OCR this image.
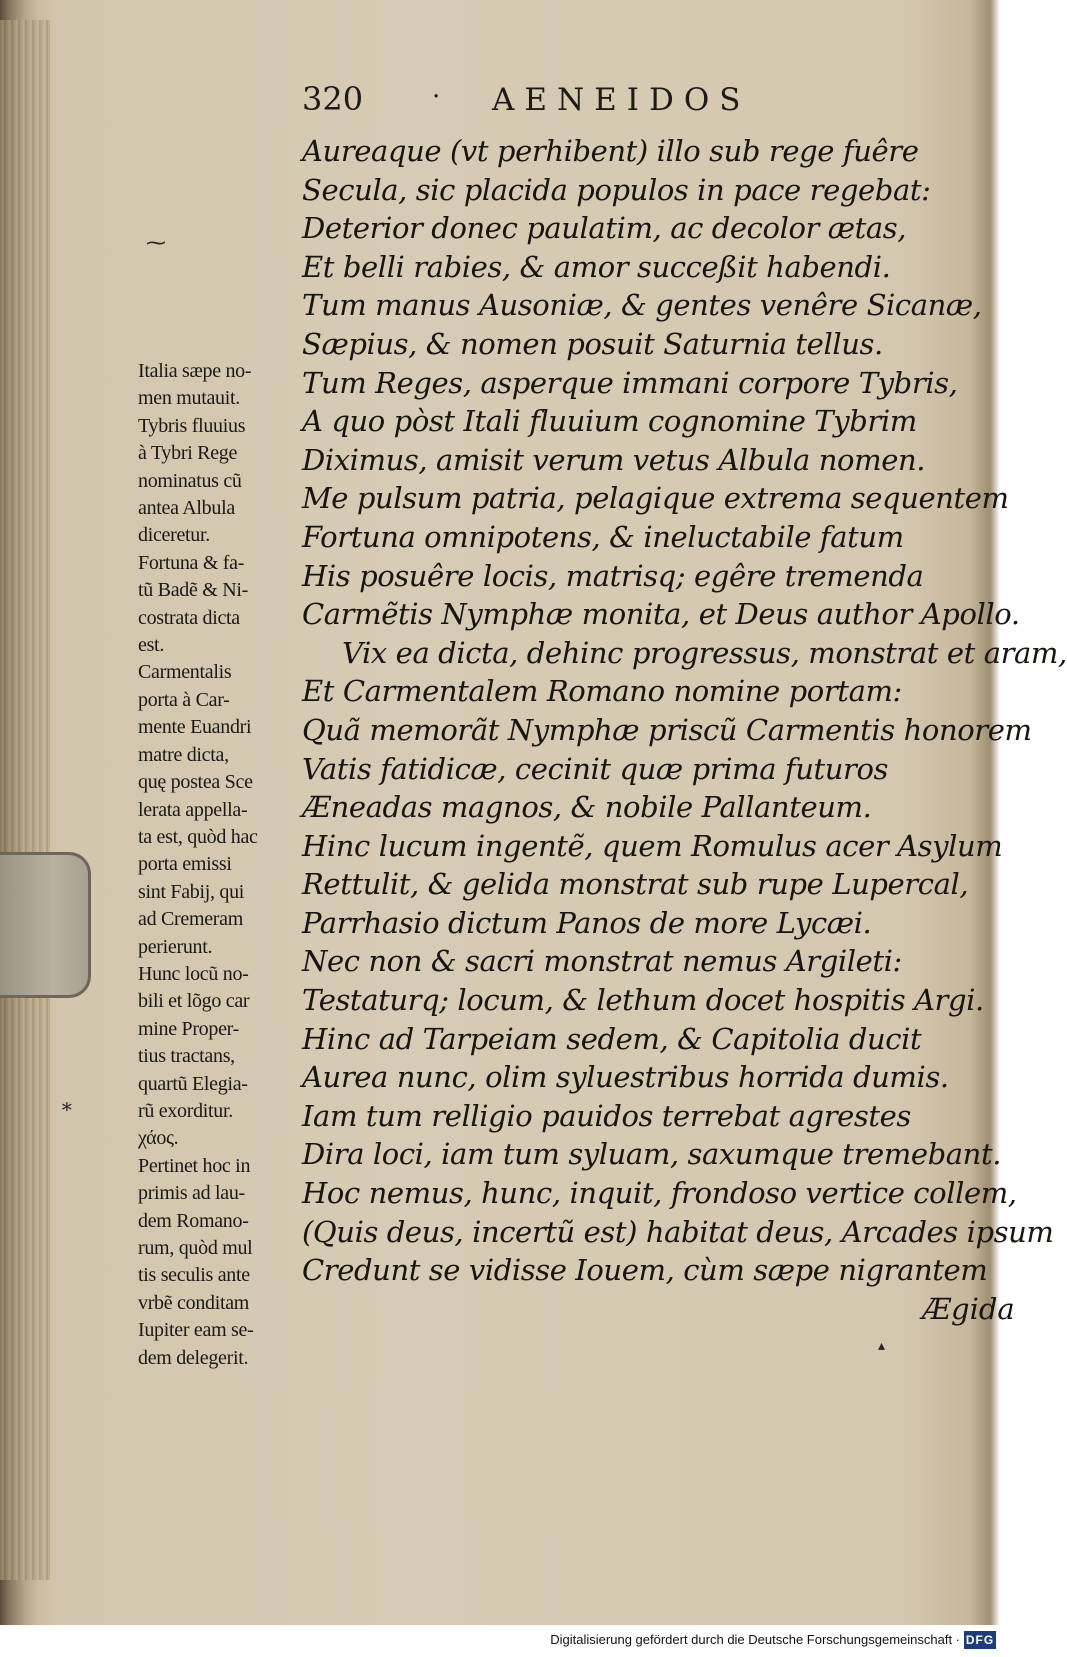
320	· AENEIDOS
Aureaque (vt perhibent) illo sub rege fuêre
Secula, sic placida populos in pace regebat:
Deterior donec paulatim, ac decolor ætas,
Et belli rabies, & amor succeßit habendi.
Tum manus Ausoniæ, & gentes venêre Sicanæ,
Sæpius, & nomen posuit Saturnia tellus.
Tum Reges, asperque immani corpore Tybris,
A quo pòst Itali fluuium cognomine Tybrim
Diximus, amisit verum vetus Albula nomen.
Me pulsum patria, pelagique extrema sequentem
Fortuna omnipotens, & ineluctabile fatum
His posuêre locis, matrisq; egêre tremenda
Carmẽtis Nymphæ monita, et Deus author Apollo.
Vix ea dicta, dehinc progressus, monstrat et aram,
Et Carmentalem Romano nomine portam:
Quã memorãt Nymphæ priscũ Carmentis honorem
Vatis fatidicæ, cecinit quæ prima futuros
Æneadas magnos, & nobile Pallanteum.
Hinc lucum ingentẽ, quem Romulus acer Asylum
Rettulit, & gelida monstrat sub rupe Lupercal,
Parrhasio dictum Panos de more Lycæi.
Nec non & sacri monstrat nemus Argileti:
Testaturq; locum, & lethum docet hospitis Argi.
Hinc ad Tarpeiam sedem, & Capitolia ducit
Aurea nunc, olim syluestribus horrida dumis.
Iam tum relligio pauidos terrebat agrestes
Dira loci, iam tum syluam, saxumque tremebant.
Hoc nemus, hunc, inquit, frondoso vertice collem,
(Quis deus, incertũ est) habitat deus, Arcades ipsum
Credunt se vidisse Iouem, cùm sæpe nigrantem
Ægida
Italia sæpe no-
men mutauit.
Tybris fluuius
à Tybri Rege
nominatus cũ
antea Albula
diceretur.
Fortuna & fa-
tũ Badẽ & Ni-
costrata dicta
est.
Carmentalis
porta à Car-
mente Euandri
matre dicta,
quę postea Sce
lerata appella-
ta est, quòd hac
porta emissi
sint Fabij, qui
ad Cremeram
perierunt.
Hunc locũ no-
bili et lõgo car
mine Proper-
tius tractans,
quartũ Elegia-
rũ exorditur.
χάος.
Pertinet hoc in
primis ad lau-
dem Romano-
rum, quòd mul
tis seculis ante
vrbẽ conditam
Iupiter eam se-
dem delegerit.
⁓
∗
▴
Digitalisierung gefördert durch die Deutsche Forschungsgemeinschaft · DFG
